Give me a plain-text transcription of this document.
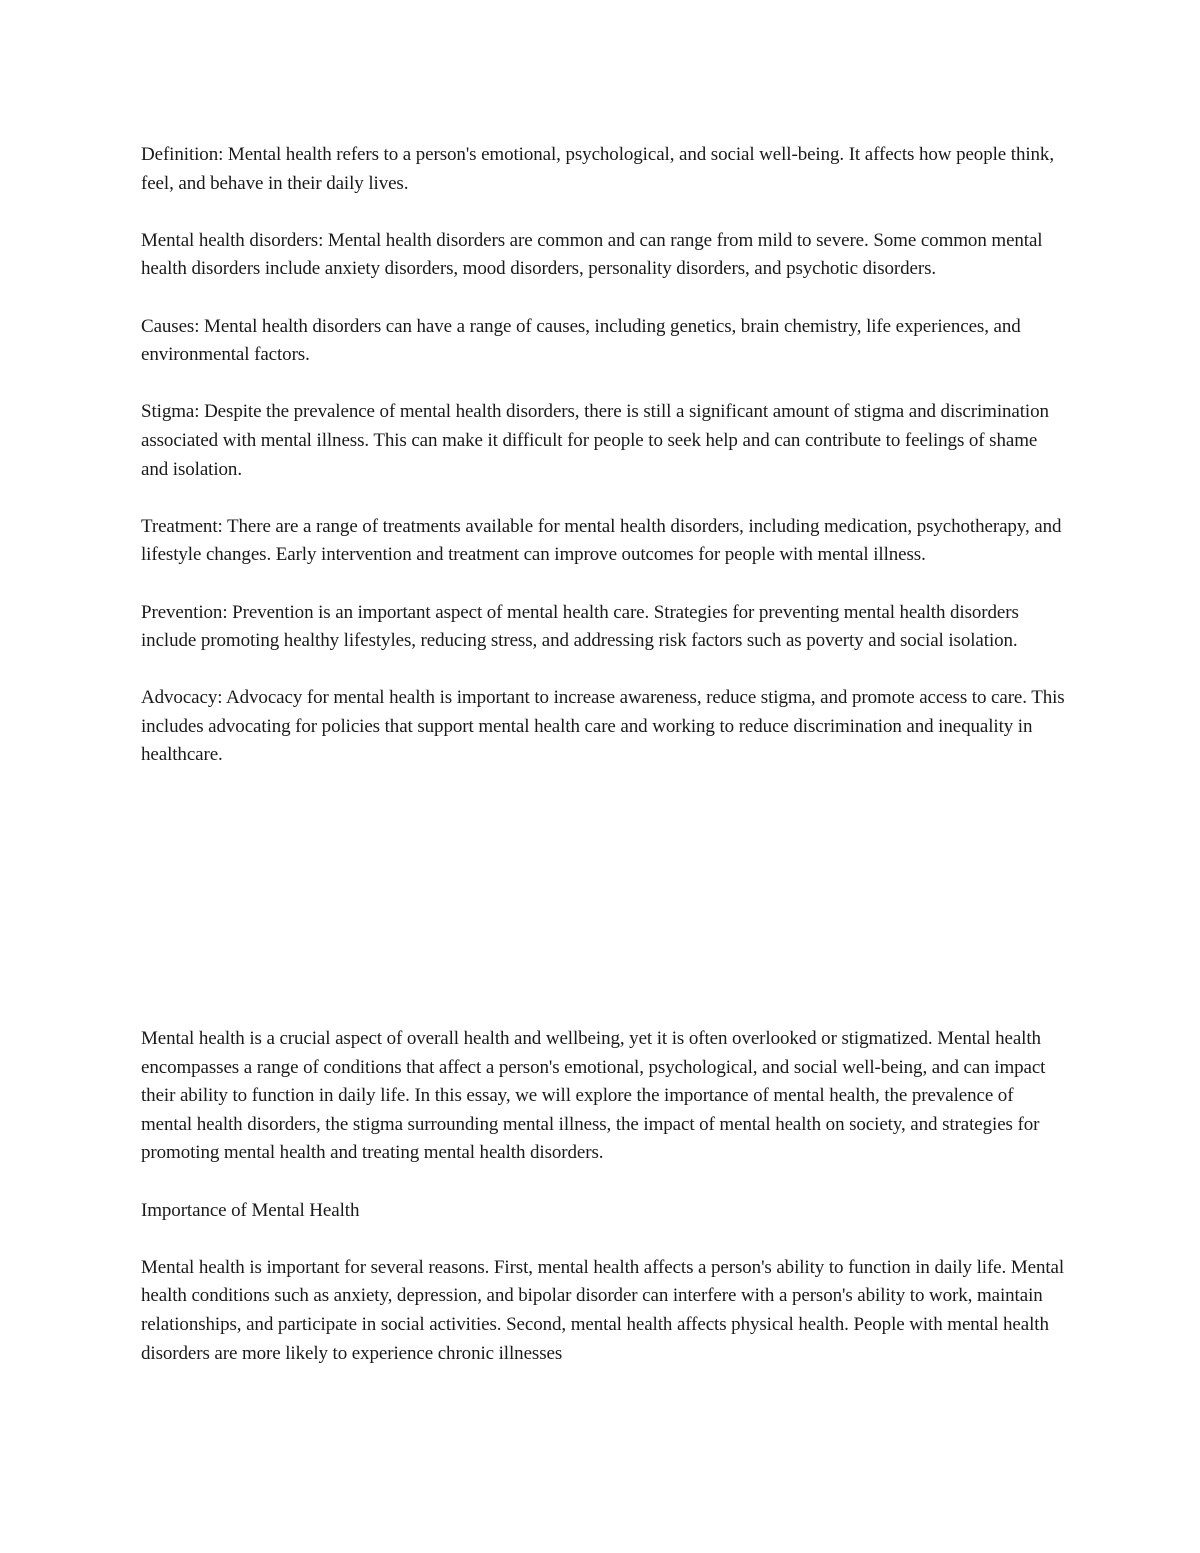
Definition: Mental health refers to a person's emotional, psychological, and social well-being. It affects how people think, feel, and behave in their daily lives.

Mental health disorders: Mental health disorders are common and can range from mild to severe. Some common mental health disorders include anxiety disorders, mood disorders, personality disorders, and psychotic disorders.

Causes: Mental health disorders can have a range of causes, including genetics, brain chemistry, life experiences, and environmental factors.

Stigma: Despite the prevalence of mental health disorders, there is still a significant amount of stigma and discrimination associated with mental illness. This can make it difficult for people to seek help and can contribute to feelings of shame and isolation.

Treatment: There are a range of treatments available for mental health disorders, including medication, psychotherapy, and lifestyle changes. Early intervention and treatment can improve outcomes for people with mental illness.

Prevention: Prevention is an important aspect of mental health care. Strategies for preventing mental health disorders include promoting healthy lifestyles, reducing stress, and addressing risk factors such as poverty and social isolation.

Advocacy: Advocacy for mental health is important to increase awareness, reduce stigma, and promote access to care. This includes advocating for policies that support mental health care and working to reduce discrimination and inequality in healthcare.

Mental health is a crucial aspect of overall health and wellbeing, yet it is often overlooked or stigmatized. Mental health encompasses a range of conditions that affect a person's emotional, psychological, and social well-being, and can impact their ability to function in daily life. In this essay, we will explore the importance of mental health, the prevalence of mental health disorders, the stigma surrounding mental illness, the impact of mental health on society, and strategies for promoting mental health and treating mental health disorders.

Importance of Mental Health

Mental health is important for several reasons. First, mental health affects a person's ability to function in daily life. Mental health conditions such as anxiety, depression, and bipolar disorder can interfere with a person's ability to work, maintain relationships, and participate in social activities. Second, mental health affects physical health. People with mental health disorders are more likely to experience chronic illnesses
